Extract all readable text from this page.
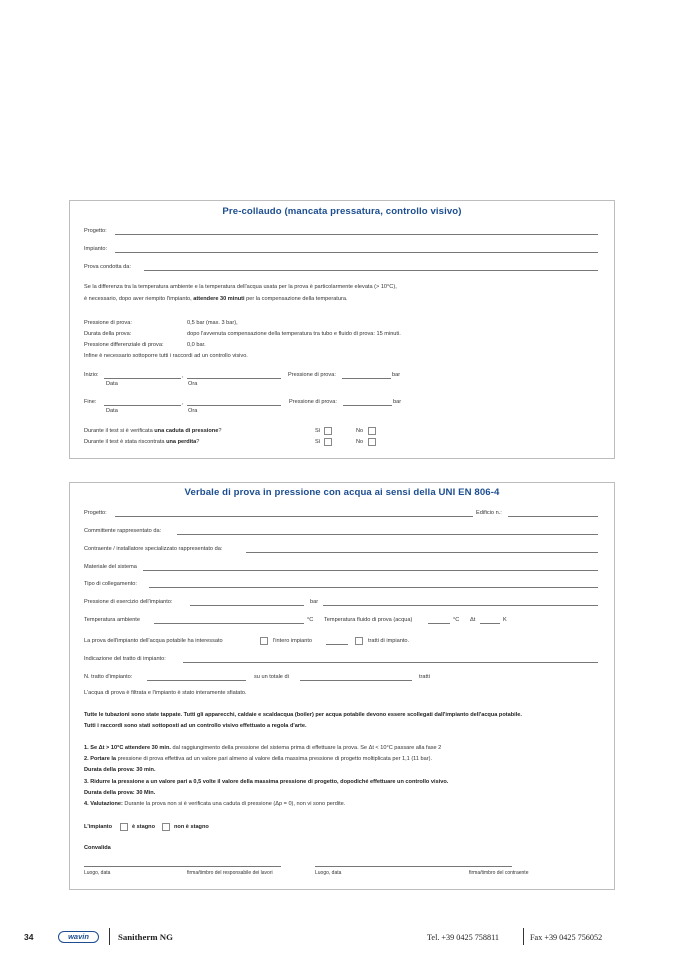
Pre-collaudo (mancata pressatura, controllo visivo)
Progetto:
Impianto:
Prova condotta da:
Se la differenza tra la temperatura ambiente e la temperatura dell'acqua usata per la prova è particolarmente elevata (> 10°C),
è necessario, dopo aver riempito l'impianto, attendere 30 minuti per la compensazione della temperatura.
Pressione di prova:	0,5 bar (max. 3 bar),
Durata della prova:	dopo l'avvenuta compensazione della temperatura tra tubo e fluido di prova: 15 minuti.
Pressione differenziale di prova:	0,0 bar.
Infine è necessario sottoporre tutti i raccordi ad un controllo visivo.
Inizio:	,	Pressione di prova:	bar
Data	Ora
Fine:	,	Pressione di prova:	bar
Data	Ora
Durante il test si è verificata una caduta di pressione?	Sì	No
Durante il test è stata riscontrata una perdita?	Sì	No
Verbale di prova in pressione con acqua ai sensi della UNI EN 806-4
Progetto:	Edificio n.:
Committente rappresentato da:
Contraente / installatore specializzato rappresentato da:
Materiale del sistema
Tipo di collegamento:
Pressione di esercizio dell'impianto:	bar
Temperatura ambiente	°C Temperatura fluido di prova (acqua)	°C Δt	K
La prova dell'impianto dell'acqua potabile ha interessato	l'intero impianto	tratti di impianto.
Indicazione del tratto di impianto:
N. tratto d'impianto:	su un totale di	tratti
L'acqua di prova è filtrata e l'impianto è stato interamente sfiatato.
Tutte le tubazioni sono state tappate. Tutti gli apparecchi, caldaie e scaldacqua (boiler) per acqua potabile devono essere scollegati dall'impianto dell'acqua potabile.
Tutti i raccordi sono stati sottoposti ad un controllo visivo effettuato a regola d'arte.
1. Se Δt > 10°C attendere 30 min. dal raggiungimento della pressione del sistema prima di effettuare la prova. Se Δt < 10°C passare alla fase 2
2. Portare la pressione di prova effettiva ad un valore pari almeno al valore della massima pressione di progetto moltiplicata per 1,1 (11 bar).
Durata della prova: 30 min.
3. Ridurre la pressione a un valore pari a 0,5 volte il valore della massima pressione di progetto, dopodiché effettuare un controllo visivo.
Durata della prova: 30 Min.
4. Valutazione: Durante la prova non si è verificata una caduta di pressione (Δp = 0), non vi sono perdite.
L'impianto	è stagno	non è stagno
Convalida
Luogo, data	firma/timbro del responsabile dei lavori	Luogo, data	firma/timbro del contraente
34	wavin	Sanitherm NG	Tel. +39 0425 758811	Fax +39 0425 756052
